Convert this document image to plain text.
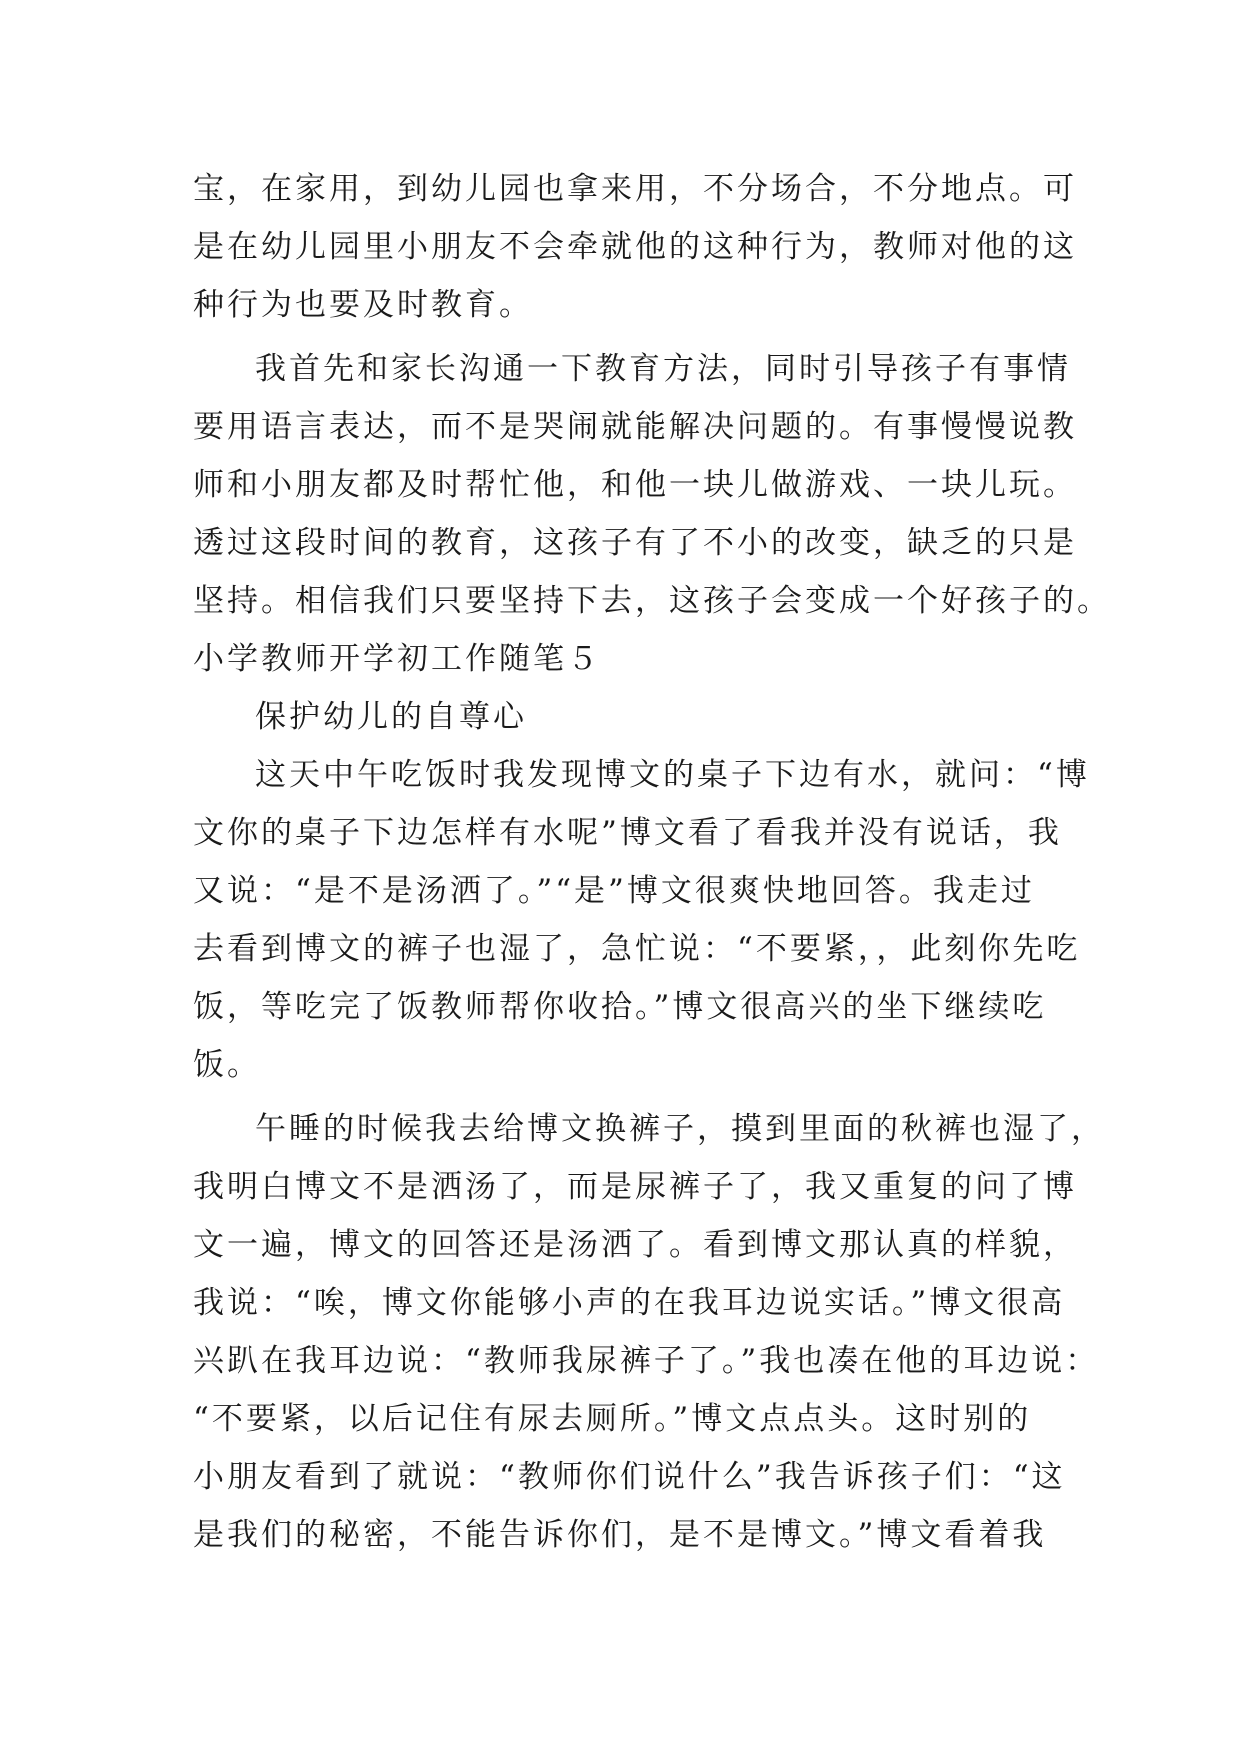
宝，在家用，到幼儿园也拿来用，不分场合，不分地点。可
是在幼儿园里小朋友不会牵就他的这种行为，教师对他的这
种行为也要及时教育。
我首先和家长沟通一下教育方法，同时引导孩子有事情
要用语言表达，而不是哭闹就能解决问题的。有事慢慢说教
师和小朋友都及时帮忙他，和他一块儿做游戏、一块儿玩。
透过这段时间的教育，这孩子有了不小的改变，缺乏的只是
坚持。相信我们只要坚持下去，这孩子会变成一个好孩子的。
小学教师开学初工作随笔５
保护幼儿的自尊心
这天中午吃饭时我发现博文的桌子下边有水，就问：“博
文你的桌子下边怎样有水呢”博文看了看我并没有说话，我
又说：“是不是汤洒了。”“是”博文很爽快地回答。我走过
去看到博文的裤子也湿了，急忙说：“不要紧，，此刻你先吃
饭，等吃完了饭教师帮你收拾。”博文很高兴的坐下继续吃
饭。
午睡的时候我去给博文换裤子，摸到里面的秋裤也湿了，
我明白博文不是洒汤了，而是尿裤子了，我又重复的问了博
文一遍，博文的回答还是汤洒了。看到博文那认真的样貌，
我说：“唉，博文你能够小声的在我耳边说实话。”博文很高
兴趴在我耳边说：“教师我尿裤子了。”我也凑在他的耳边说：
“不要紧，以后记住有尿去厕所。”博文点点头。这时别的
小朋友看到了就说：“教师你们说什么”我告诉孩子们：“这
是我们的秘密，不能告诉你们，是不是博文。”博文看着我
